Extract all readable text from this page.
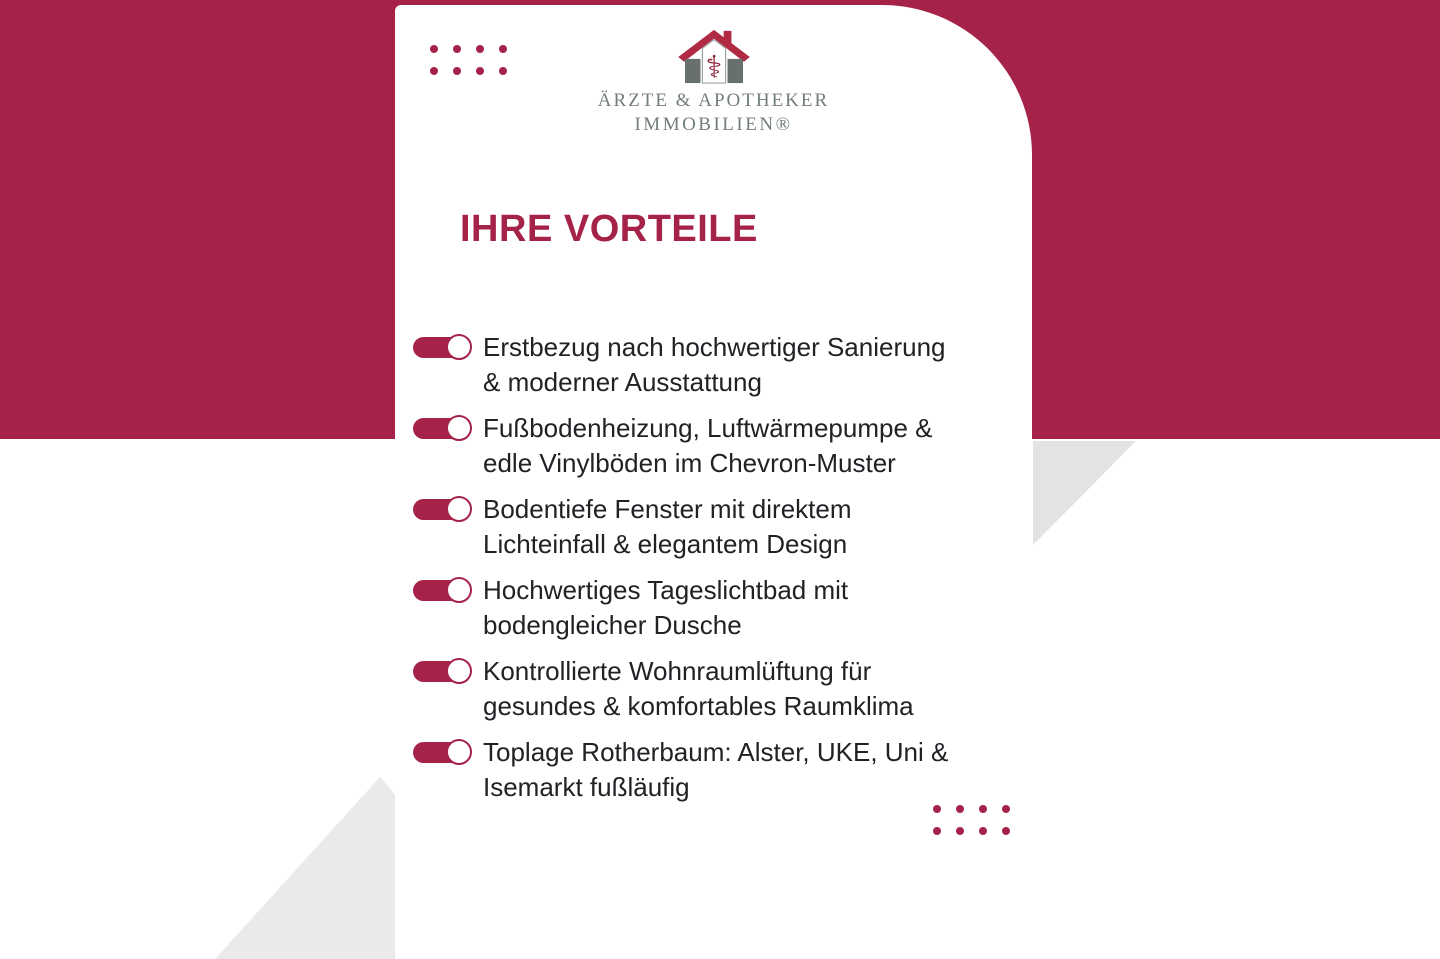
⚕
ÄRZTE & APOTHEKER
IMMOBILIEN®
IHRE VORTEILE
Erstbezug nach hochwertiger Sanierung
& moderner Ausstattung
Fußbodenheizung, Luftwärmepumpe &
edle Vinylböden im Chevron-Muster
Bodentiefe Fenster mit direktem
Lichteinfall & elegantem Design
Hochwertiges Tageslichtbad mit
bodengleicher Dusche
Kontrollierte Wohnraumlüftung für
gesundes & komfortables Raumklima
Toplage Rotherbaum: Alster, UKE, Uni &
Isemarkt fußläufig
